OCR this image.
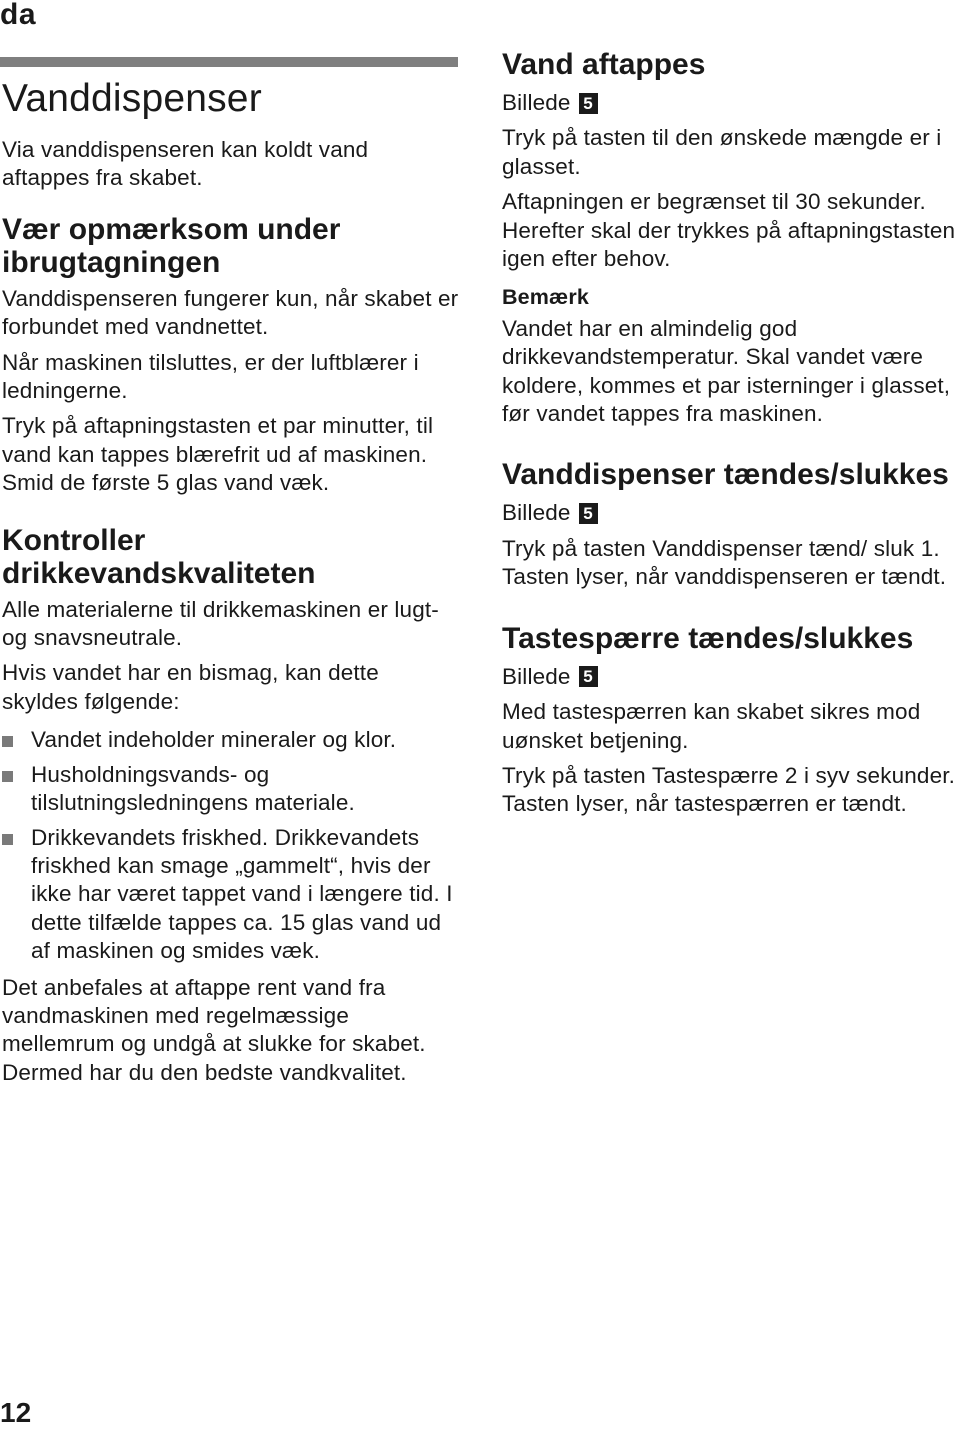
da
Vanddispenser

Via vanddispenseren kan koldt vand aftappes fra skabet.

Vær opmærksom under ibrugtagningen

Vanddispenseren fungerer kun, når skabet er forbundet med vandnettet.

Når maskinen tilsluttes, er der luftblærer i ledningerne.

Tryk på aftapningstasten et par minutter, til vand kan tappes blærefrit ud af maskinen. Smid de første 5 glas vand væk.

Kontroller drikkevandskvaliteten

Alle materialerne til drikkemaskinen er lugt- og snavsneutrale.

Hvis vandet har en bismag, kan dette skyldes følgende:

Vandet indeholder mineraler og klor.
Husholdningsvands- og tilslutningsledningens materiale.
Drikkevandets friskhed. Drikkevandets friskhed kan smage „gammelt“, hvis der ikke har været tappet vand i længere tid. I dette tilfælde tappes ca. 15 glas vand ud af maskinen og smides væk.

Det anbefales at aftappe rent vand fra vandmaskinen med regelmæssige mellemrum og undgå at slukke for skabet. Dermed har du den bedste vandkvalitet.

Vand aftappes

Billede 5

Tryk på tasten til den ønskede mængde er i glasset.

Aftapningen er begrænset til 30 sekunder. Herefter skal der trykkes på aftapningstasten igen efter behov.

Bemærk

Vandet har en almindelig god drikkevandstemperatur. Skal vandet være koldere, kommes et par isterninger i glasset, før vandet tappes fra maskinen.

Vanddispenser tændes/slukkes

Billede 5

Tryk på tasten Vanddispenser tænd/ sluk 1. Tasten lyser, når vanddispenseren er tændt.

Tastespærre tændes/slukkes

Billede 5

Med tastespærren kan skabet sikres mod uønsket betjening.

Tryk på tasten Tastespærre 2 i syv sekunder. Tasten lyser, når tastespærren er tændt.

12
